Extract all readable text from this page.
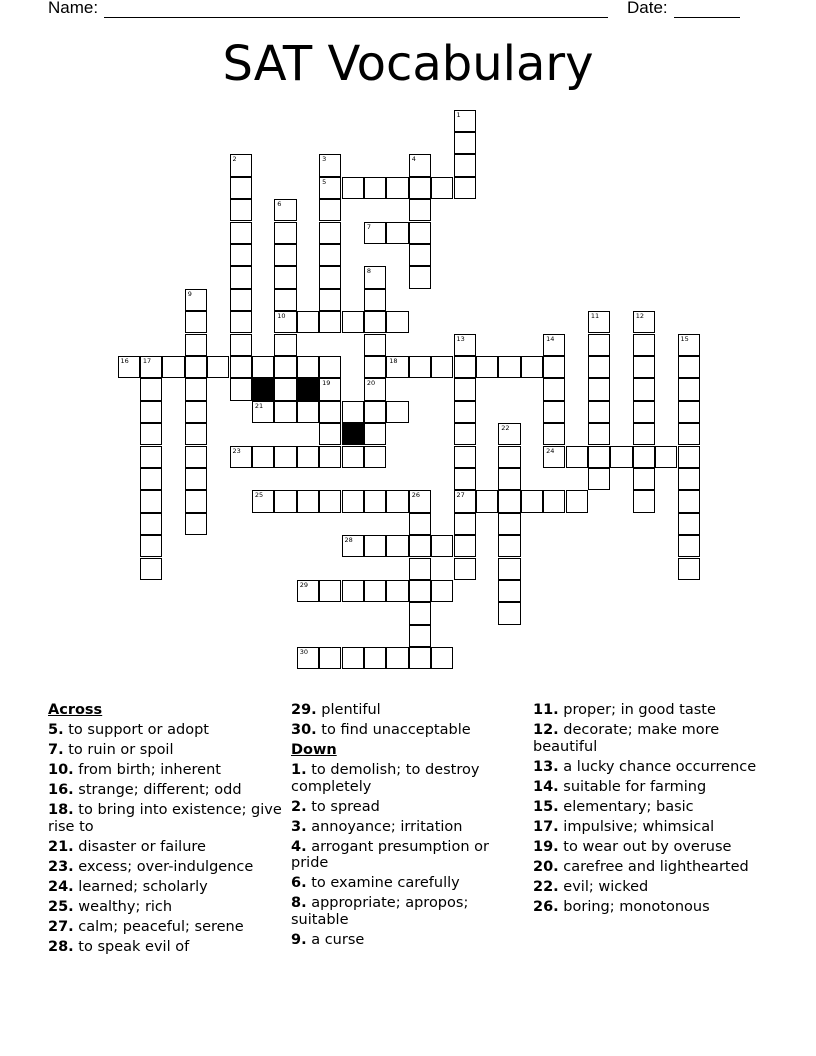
Name:	Date:
SAT Vocabulary
1
2	3
5
4
6
10
7
8
20
9
11	12
13
27
14
24
15
16 17	18
19
21
22
23
25	26
28
29
30
Across
5. to support or adopt
7. to ruin or spoil
10. from birth; inherent
16. strange; different; odd
18. to bring into existence; give rise to
21. disaster or failure
23. excess; over-indulgence
24. learned; scholarly
25. wealthy; rich
27. calm; peaceful; serene
28. to speak evil of
29. plentiful
30. to find unacceptable
Down
1. to demolish; to destroy completely
2. to spread
3. annoyance; irritation
4. arrogant presumption or pride
6. to examine carefully
8. appropriate; apropos; suitable
9. a curse
11. proper; in good taste
12. decorate; make more beautiful
13. a lucky chance occurrence
14. suitable for farming
15. elementary; basic
17. impulsive; whimsical
19. to wear out by overuse
20. carefree and lighthearted
22. evil; wicked
26. boring; monotonous
